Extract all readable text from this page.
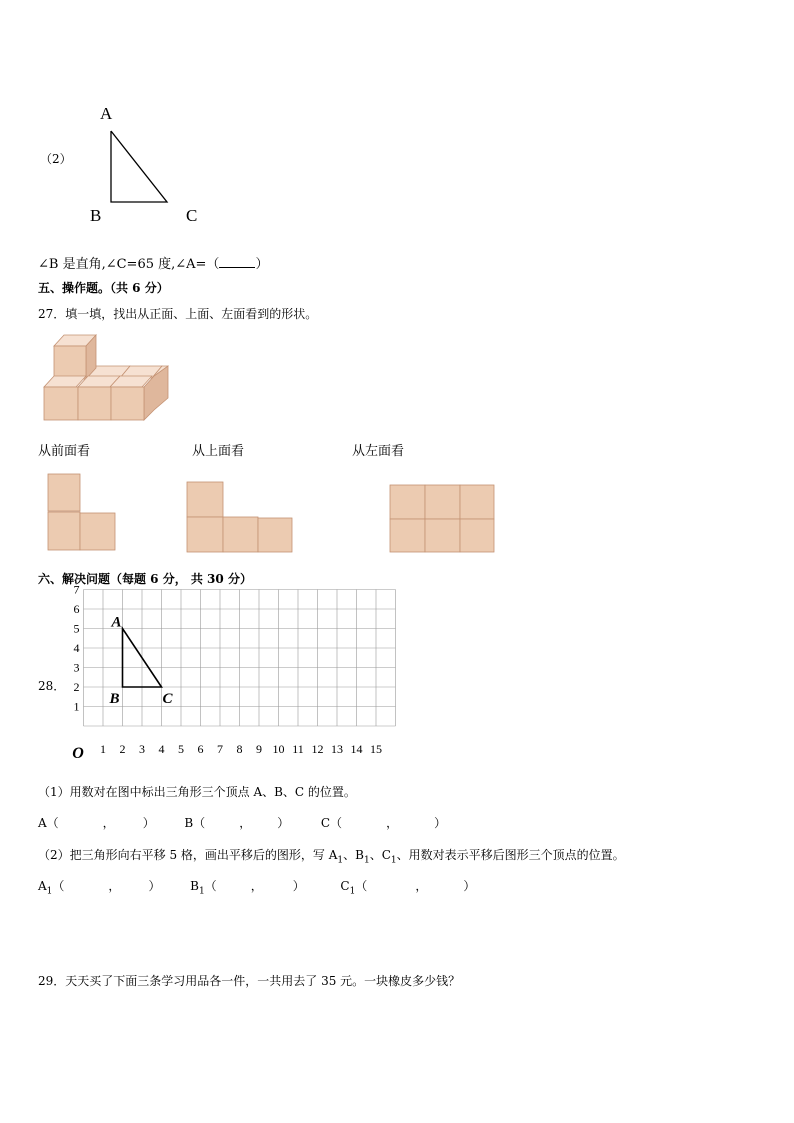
（2）
A
B	C
∠B 是直角,∠C=65 度,∠A=（	）
五、操作题。（共 6 分）
27．填一填，找出从正面、上面、左面看到的形状。
从前面看	从上面看	从左面看
六、解决问题（每题 6 分， 共 30 分）
28．
1 2 3 4 5 6 7 8 9 10 11 12 13 14 15
1
2
3
4
5
6
7
O
A
B	C
（1）用数对在图中标出三角形三个顶点 A、B、C 的位置。
A（	， ） B（	， ）	C（	，	）
（2）把三角形向右平移 5 格，画出平移后的图形，写 $A_1$、$B_1$、$C_1$、用数对表示平移后图形三个顶点的位置。
$A_1$（	， ） $B_1$（	，	）	$C_1$（	，	）
29．天天买了下面三条学习用品各一件，一共用去了 35 元。一块橡皮多少钱？
